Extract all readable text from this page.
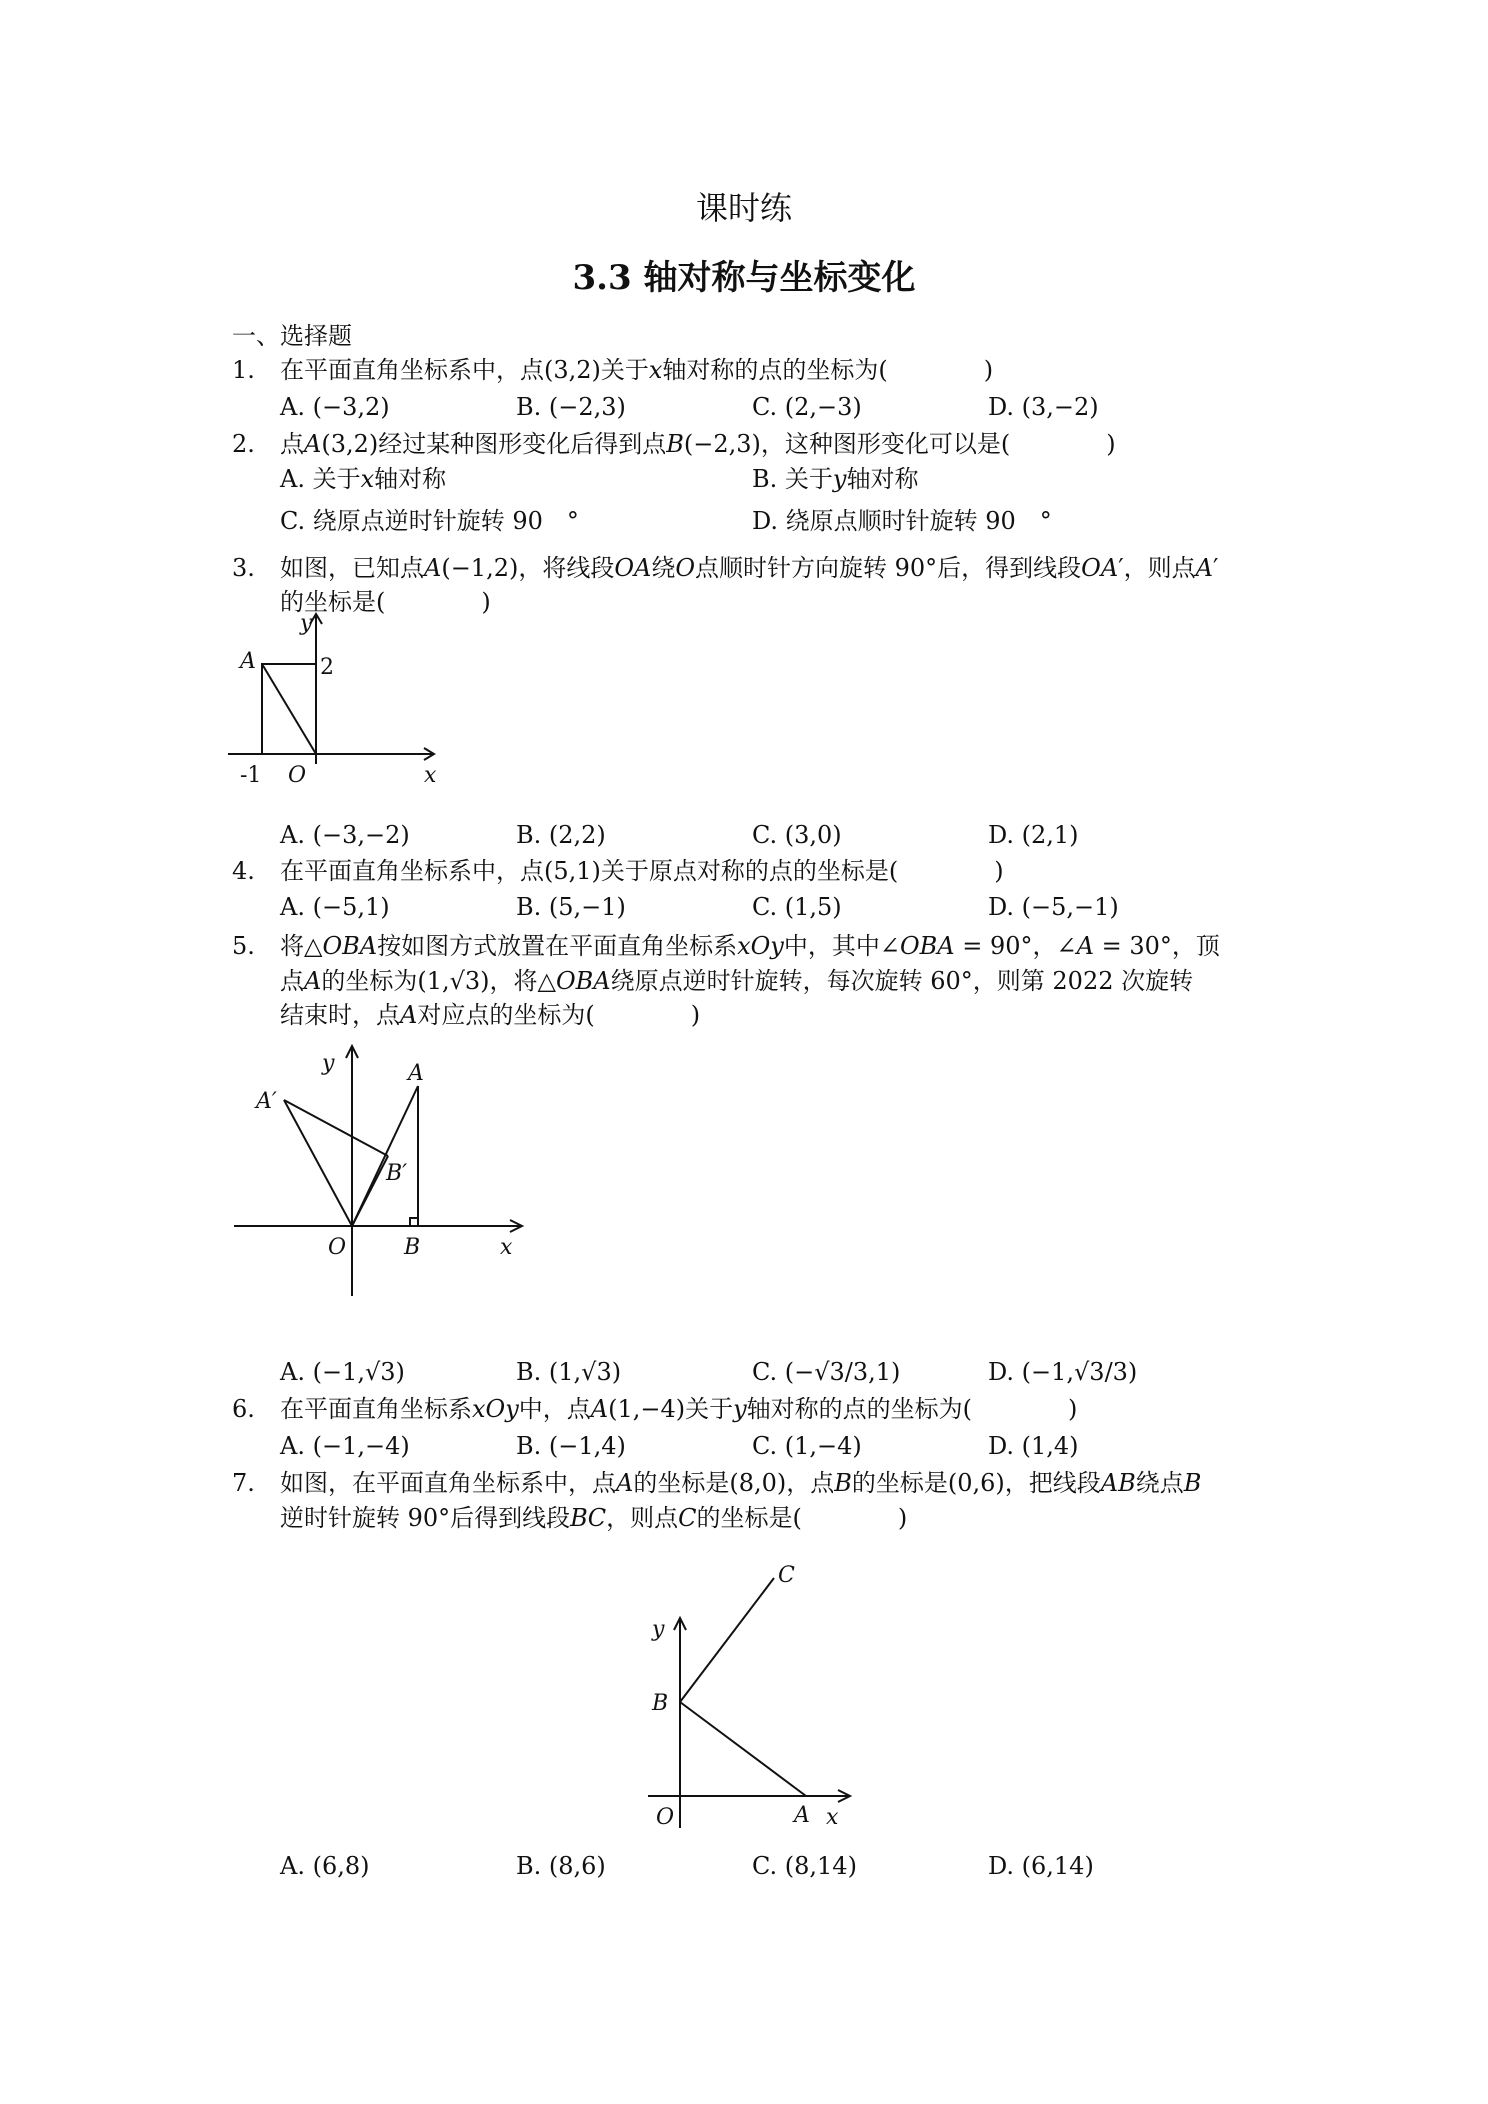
课时练
3.3 轴对称与坐标变化
一、选择题
1.	在平面直角坐标系中，点(3,2)关于𝑥轴对称的点的坐标为(　　　　)
A. (−3,2)	B. (−2,3)	C. (2,−3)	D. (3,−2)
2.	点𝐴(3,2)经过某种图形变化后得到点𝐵(−2,3)，这种图形变化可以是(　　　　)
A. 关于𝑥轴对称	B. 关于𝑦轴对称
C. 绕原点逆时针旋转 90　°	D. 绕原点顺时针旋转 90　°
3.	如图，已知点𝐴(−1,2)，将线段𝑂𝐴绕𝑂点顺时针方向旋转 90°后，得到线段𝑂𝐴′，则点𝐴′
的坐标是(　　　　)
y
A	2
-1 O	x
A. (−3,−2)	B. (2,2)	C. (3,0)	D. (2,1)
4.	在平面直角坐标系中，点(5,1)关于原点对称的点的坐标是(　　　　)
A. (−5,1)	B. (5,−1)	C. (1,5)	D. (−5,−1)
5.	将△𝑂𝐵𝐴按如图方式放置在平面直角坐标系𝑥𝑂𝑦中，其中∠𝑂𝐵𝐴 = 90°，∠𝐴 = 30°，顶
点𝐴的坐标为(1,√3)，将△𝑂𝐵𝐴绕原点逆时针旋转，每次旋转 60°，则第 2022 次旋转
结束时，点𝐴对应点的坐标为(　　　　)
y
A′
A
B′
O	B	x
A. (−1,√3)	B. (1,√3)	C. (−√3/3,1)	D. (−1,√3/3)
6.	在平面直角坐标系𝑥𝑂𝑦中，点𝐴(1,−4)关于𝑦轴对称的点的坐标为(　　　　)
A. (−1,−4)	B. (−1,4)	C. (1,−4)	D. (1,4)
7.	如图，在平面直角坐标系中，点𝐴的坐标是(8,0)，点𝐵的坐标是(0,6)，把线段𝐴𝐵绕点𝐵
逆时针旋转 90°后得到线段𝐵𝐶，则点𝐶的坐标是(　　　　)
C
y
B
O	A x
A. (6,8)	B. (8,6)	C. (8,14)	D. (6,14)
